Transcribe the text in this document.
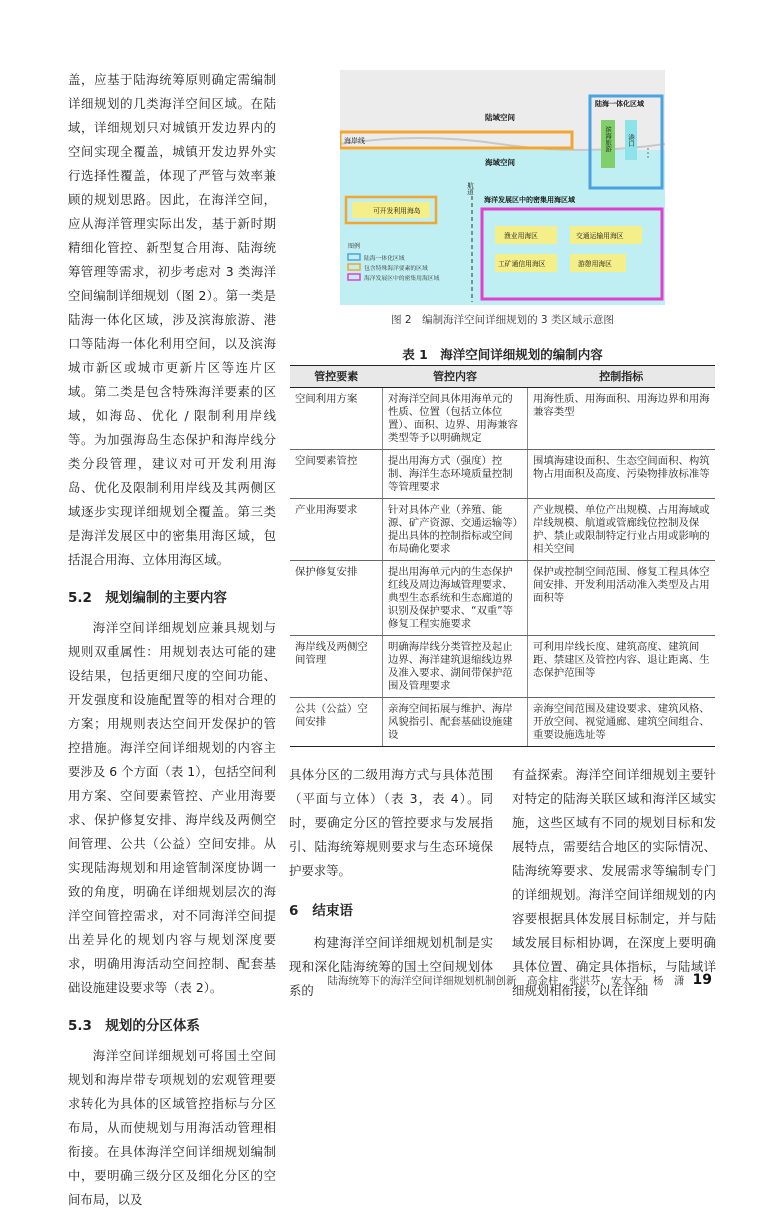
盖，应基于陆海统筹原则确定需编制详细规划的几类海洋空间区域。在陆域，详细规划只对城镇开发边界内的空间实现全覆盖，城镇开发边界外实行选择性覆盖，体现了严管与效率兼顾的规划思路。因此，在海洋空间，应从海洋管理实际出发，基于新时期精细化管控、新型复合用海、陆海统筹管理等需求，初步考虑对 3 类海洋空间编制详细规划（图 2）。第一类是陆海一体化区域，涉及滨海旅游、港口等陆海一体化利用空间，以及滨海城市新区或城市更新片区等连片区域。第二类是包含特殊海洋要素的区域，如海岛、优化 / 限制利用岸线等。为加强海岛生态保护和海岸线分类分段管理，建议对可开发利用海岛、优化及限制利用岸线及其两侧区域逐步实现详细规划全覆盖。第三类是海洋发展区中的密集用海区域，包括混合用海、立体用海区域。

5.2　规划编制的主要内容

海洋空间详细规划应兼具规划与规则双重属性：用规划表达可能的建设结果，包括更细尺度的空间功能、开发强度和设施配置等的相对合理的方案；用规则表达空间开发保护的管控措施。海洋空间详细规划的内容主要涉及 6 个方面（表 1），包括空间利用方案、空间要素管控、产业用海要求、保护修复安排、海岸线及两侧空间管理、公共（公益）空间安排。从实现陆海规划和用途管制深度协调一致的角度，明确在详细规划层次的海洋空间管控需求，对不同海洋空间提出差异化的规划内容与规划深度要求，明确用海活动空间控制、配套基础设施建设要求等（表 2）。

5.3　规划的分区体系

海洋空间详细规划可将国土空间规划和海岸带专项规划的宏观管理要求转化为具体的区域管控指标与分区布局，从而使规划与用海活动管理相衔接。在具体海洋空间详细规划编制中，要明确三级分区及细化分区的空间布局，以及

陆域空间
海岸线
海域空间
陆海一体化区域
滨海旅游 港口
航道
可开发利用海岛
海洋发展区中的密集用海区域
渔业用海区	交通运输用海区
工矿通信用海区	游憩用海区
图例
陆海一体化区域
包含特殊海洋要素的区域
海洋发展区中的密集用海区域
图 2　编制海洋空间详细规划的 3 类区域示意图
表 1　海洋空间详细规划的编制内容
管控要素	管控内容	控制指标
空间利用方案	对海洋空间具体用海单元的性质、位置（包括立体位置）、面积、边界、用海兼容类型等予以明确规定	用海性质、用海面积、用海边界和用海兼容类型
空间要素管控	提出用海方式（强度）控制、海洋生态环境质量控制等管理要求	围填海建设面积、生态空间面积、构筑物占用面积及高度、污染物排放标准等
产业用海要求	针对具体产业（养殖、能源、矿产资源、交通运输等）提出具体的控制指标或空间布局确化要求	产业规模、单位产出规模、占用海域或岸线规模、航道或管廊线位控制及保护、禁止或限制特定行业占用或影响的相关空间
保护修复安排	提出用海单元内的生态保护红线及周边海域管理要求、典型生态系统和生态廊道的识别及保护要求、“双重”等修复工程实施要求	保护或控制空间范围、修复工程具体空间安排、开发利用活动准入类型及占用面积等
海岸线及两侧空间管理	明确海岸线分类管控及起止边界、海洋建筑退缩线边界及准入要求、湖间带保护范围及管理要求	可利用岸线长度、建筑高度、建筑间距、禁建区及管控内容、退让距离、生态保护范围等
公共（公益）空间安排	亲海空间拓展与维护、海岸风貌指引、配套基础设施建设	亲海空间范围及建设要求、建筑风格、开放空间、视觉通廊、建筑空间组合、重要设施选址等
具体分区的二级用海方式与具体范围（平面与立体）（表 3，表 4）。同时，要确定分区的管控要求与发展指引、陆海统筹规则要求与生态环境保护要求等。
6 结束语
构建海洋空间详细规划机制是实现和深化陆海统筹的国土空间规划体系的
有益探索。海洋空间详细规划主要针对特定的陆海关联区域和海洋区域实施，这些区域有不同的规划目标和发展特点，需要结合地区的实际情况、陆海统筹要求、发展需求等编制专门的详细规划。海洋空间详细规划的内容要根据具体发展目标制定，并与陆域发展目标相协调，在深度上要明确具体位置、确定具体指标，与陆域详细规划相衔接，以在详细
陆海统筹下的海洋空间详细规划机制创新　高金柱，张洪芬，安太天，杨　潇 19
